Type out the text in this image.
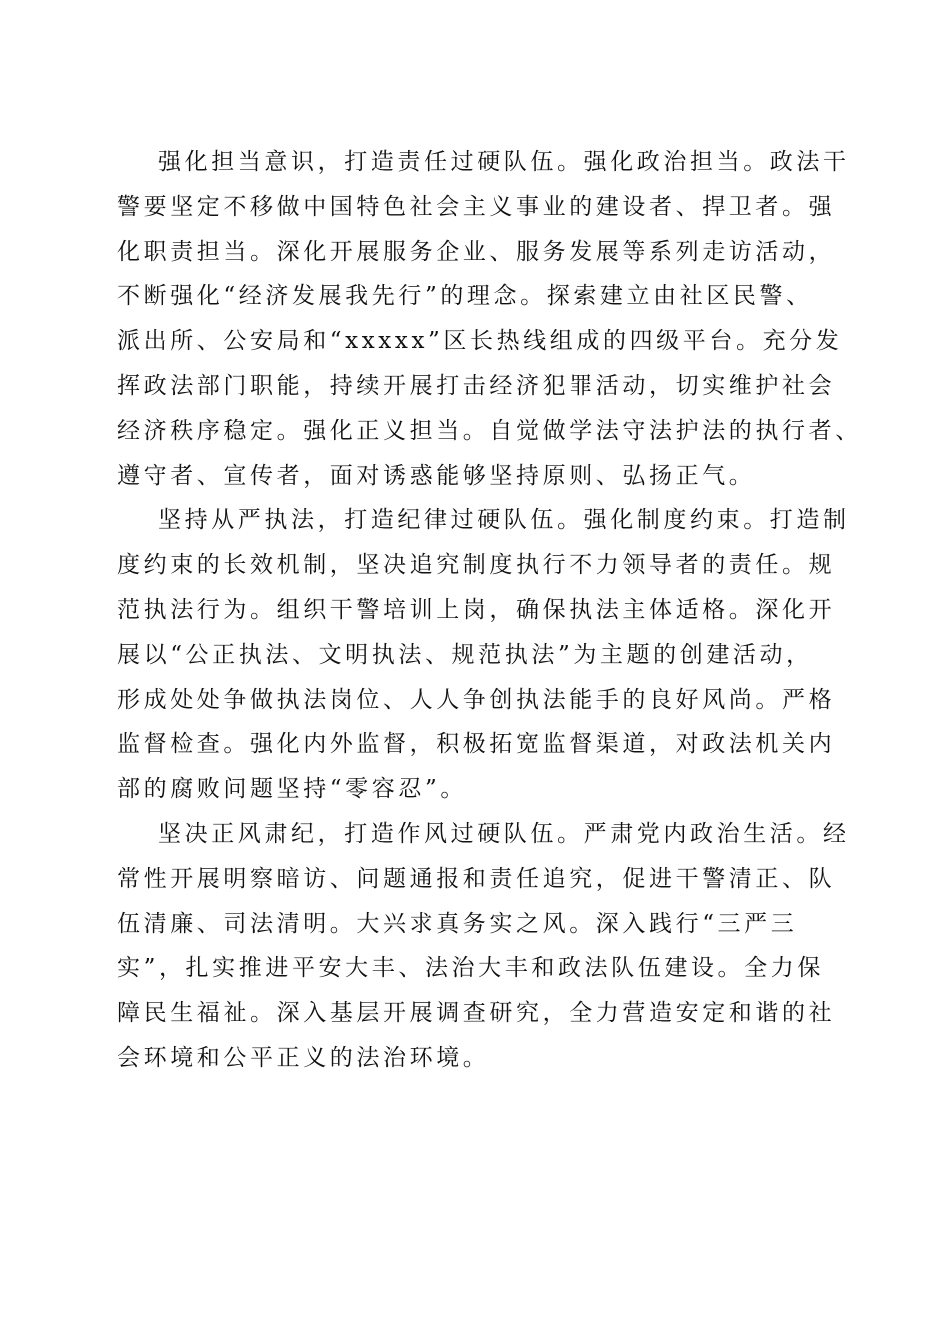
强化担当意识，打造责任过硬队伍。强化政治担当。政法干
警要坚定不移做中国特色社会主义事业的建设者、捍卫者。强
化职责担当。深化开展服务企业、服务发展等系列走访活动，
不断强化“经济发展我先行”的理念。探索建立由社区民警、
派出所、公安局和“xxxxx”区长热线组成的四级平台。充分发
挥政法部门职能，持续开展打击经济犯罪活动，切实维护社会
经济秩序稳定。强化正义担当。自觉做学法守法护法的执行者、
遵守者、宣传者，面对诱惑能够坚持原则、弘扬正气。
坚持从严执法，打造纪律过硬队伍。强化制度约束。打造制
度约束的长效机制，坚决追究制度执行不力领导者的责任。规
范执法行为。组织干警培训上岗，确保执法主体适格。深化开
展以“公正执法、文明执法、规范执法”为主题的创建活动，
形成处处争做执法岗位、人人争创执法能手的良好风尚。严格
监督检查。强化内外监督，积极拓宽监督渠道，对政法机关内
部的腐败问题坚持“零容忍”。
坚决正风肃纪，打造作风过硬队伍。严肃党内政治生活。经
常性开展明察暗访、问题通报和责任追究，促进干警清正、队
伍清廉、司法清明。大兴求真务实之风。深入践行“三严三
实”，扎实推进平安大丰、法治大丰和政法队伍建设。全力保
障民生福祉。深入基层开展调查研究，全力营造安定和谐的社
会环境和公平正义的法治环境。
